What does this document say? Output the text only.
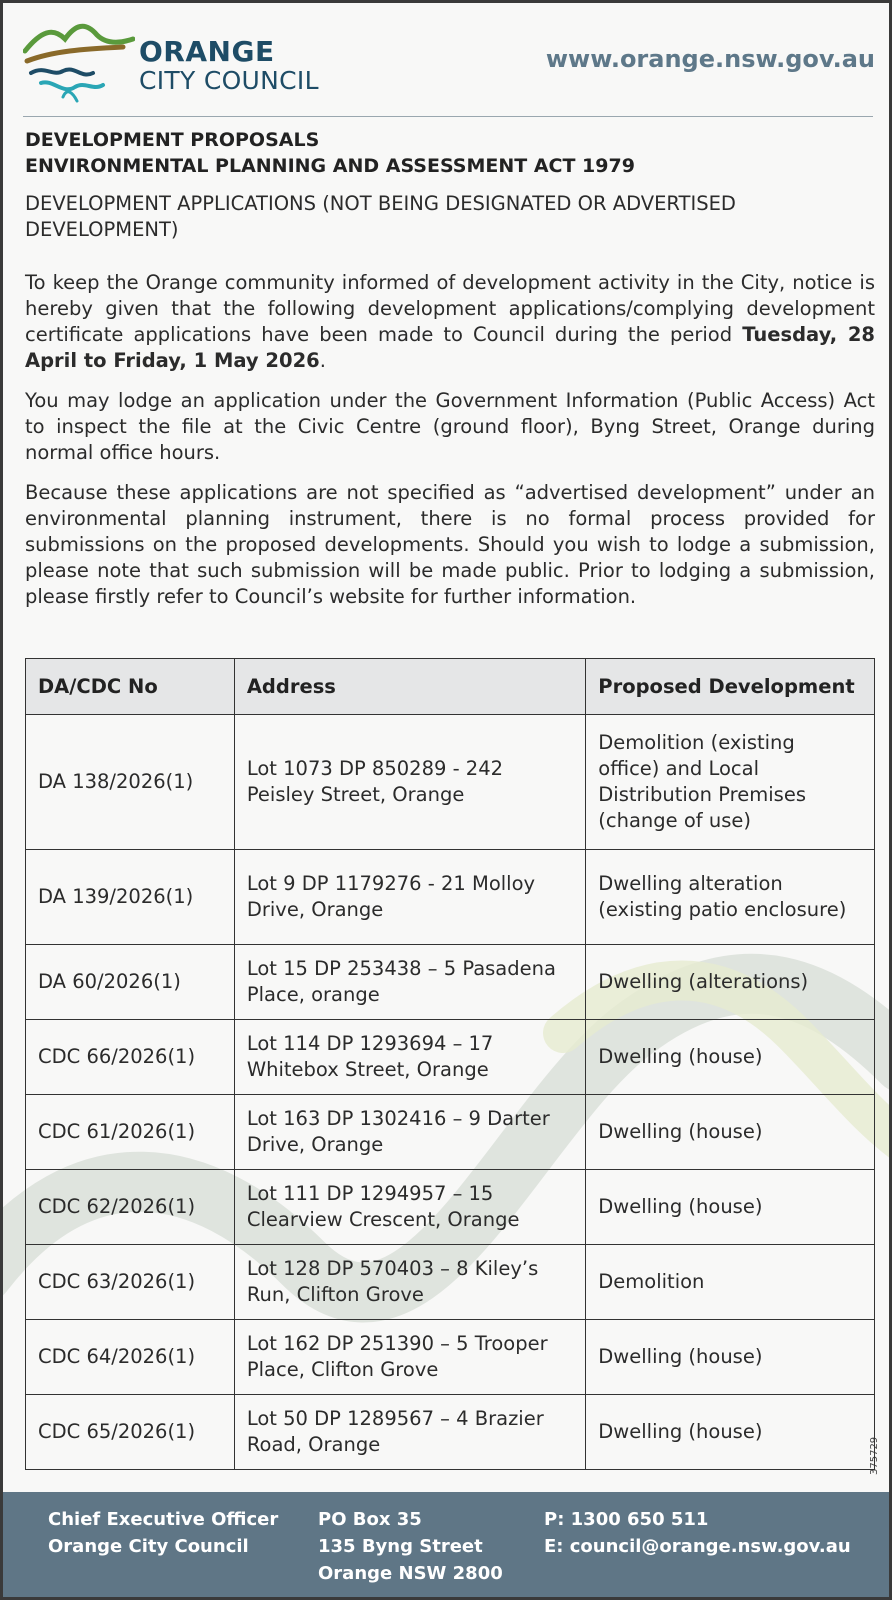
ORANGE
CITY COUNCIL
www.orange.nsw.gov.au
DEVELOPMENT PROPOSALS
ENVIRONMENTAL PLANNING AND ASSESSMENT ACT 1979
DEVELOPMENT APPLICATIONS (NOT BEING DESIGNATED OR ADVERTISED DEVELOPMENT)

To keep the Orange community informed of development activity in the City, notice is hereby given that the following development applications/complying development certificate applications have been made to Council during the period Tuesday, 28 April to Friday, 1 May 2026.

You may lodge an application under the Government Information (Public Access) Act to inspect the file at the Civic Centre (ground floor), Byng Street, Orange during normal office hours.

Because these applications are not specified as “advertised development” under an environmental planning instrument, there is no formal process provided for submissions on the proposed developments. Should you wish to lodge a submission, please note that such submission will be made public. Prior to lodging a submission, please firstly refer to Council’s website for further information.

DA/CDC No	Address	Proposed Development
DA 138/2026(1)	Lot 1073 DP 850289 - 242 Peisley Street, Orange	Demolition (existing office) and Local Distribution Premises (change of use)
DA 139/2026(1)	Lot 9 DP 1179276 - 21 Molloy Drive, Orange	Dwelling alteration (existing patio enclosure)
DA 60/2026(1)	Lot 15 DP 253438 – 5 Pasadena Place, orange	Dwelling (alterations)
CDC 66/2026(1)	Lot 114 DP 1293694 – 17 Whitebox Street, Orange	Dwelling (house)
CDC 61/2026(1)	Lot 163 DP 1302416 – 9 Darter Drive, Orange	Dwelling (house)
CDC 62/2026(1)	Lot 111 DP 1294957 – 15 Clearview Crescent, Orange	Dwelling (house)
CDC 63/2026(1)	Lot 128 DP 570403 – 8 Kiley’s Run, Clifton Grove	Demolition
CDC 64/2026(1)	Lot 162 DP 251390 – 5 Trooper Place, Clifton Grove	Dwelling (house)
CDC 65/2026(1)	Lot 50 DP 1289567 – 4 Brazier Road, Orange	Dwelling (house)
375729
Chief Executive Officer
Orange City Council
PO Box 35
135 Byng Street
Orange NSW 2800
P: 1300 650 511
E: council@orange.nsw.gov.au
